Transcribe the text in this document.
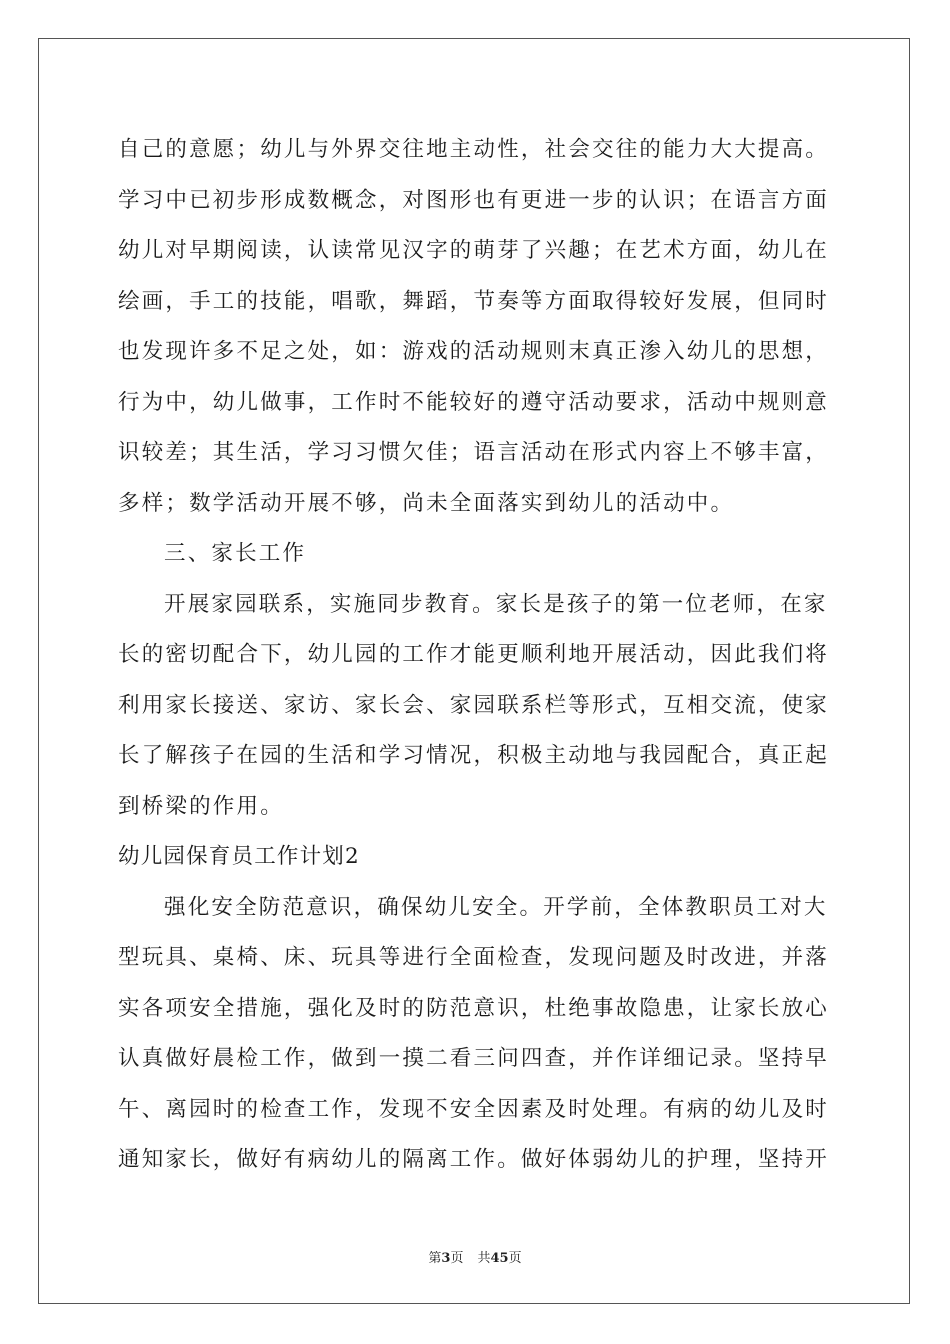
自己的意愿；幼儿与外界交往地主动性，社会交往的能力大大提高。
学习中已初步形成数概念，对图形也有更进一步的认识；在语言方面
幼儿对早期阅读，认读常见汉字的萌芽了兴趣；在艺术方面，幼儿在
绘画，手工的技能，唱歌，舞蹈，节奏等方面取得较好发展，但同时
也发现许多不足之处，如：游戏的活动规则末真正渗入幼儿的思想，
行为中，幼儿做事，工作时不能较好的遵守活动要求，活动中规则意
识较差；其生活，学习习惯欠佳；语言活动在形式内容上不够丰富，
多样；数学活动开展不够，尚未全面落实到幼儿的活动中。
三、家长工作
开展家园联系，实施同步教育。家长是孩子的第一位老师，在家
长的密切配合下，幼儿园的工作才能更顺利地开展活动，因此我们将
利用家长接送、家访、家长会、家园联系栏等形式，互相交流，使家
长了解孩子在园的生活和学习情况，积极主动地与我园配合，真正起
到桥梁的作用。
幼儿园保育员工作计划2
强化安全防范意识，确保幼儿安全。开学前，全体教职员工对大
型玩具、桌椅、床、玩具等进行全面检查，发现问题及时改进，并落
实各项安全措施，强化及时的防范意识，杜绝事故隐患，让家长放心
认真做好晨检工作，做到一摸二看三问四查，并作详细记录。坚持早
午、离园时的检查工作，发现不安全因素及时处理。有病的幼儿及时
通知家长，做好有病幼儿的隔离工作。做好体弱幼儿的护理，坚持开
第3页 共45页
